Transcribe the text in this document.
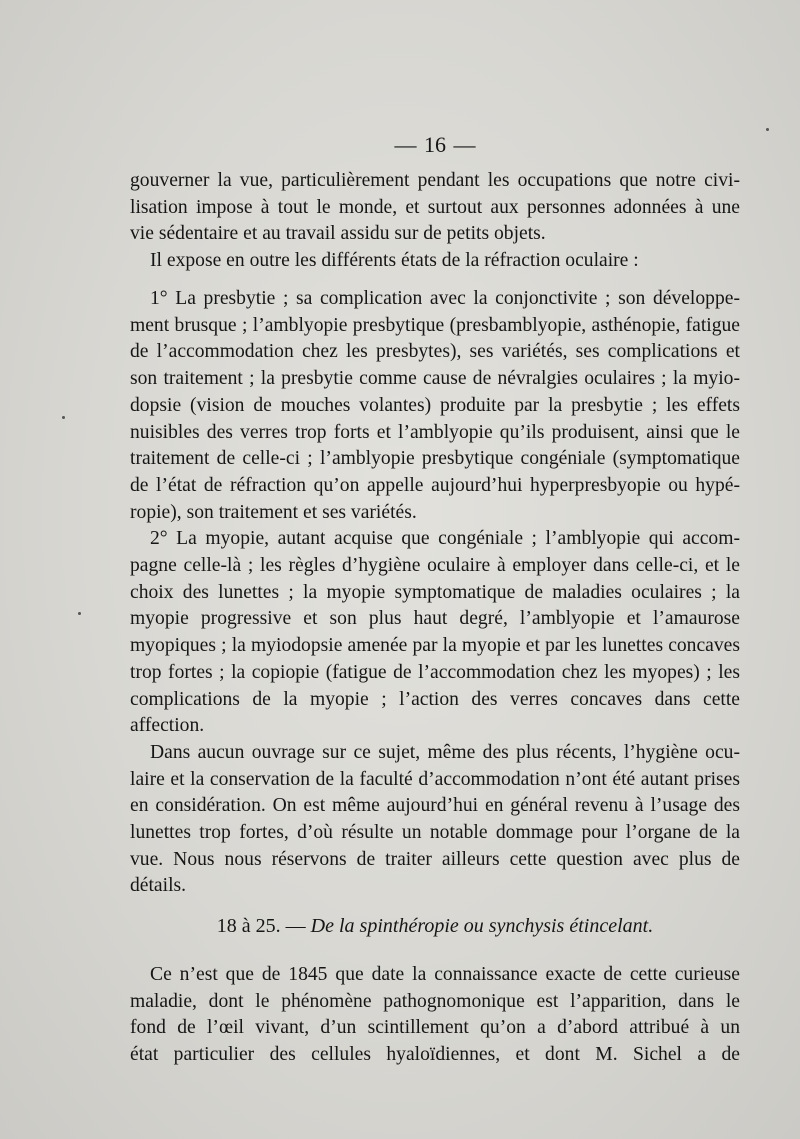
— 16 —

gouverner la vue, particulièrement pendant les occupations que notre civi-

lisation impose à tout le monde, et surtout aux personnes adonnées à une

vie sédentaire et au travail assidu sur de petits objets.

Il expose en outre les différents états de la réfraction oculaire :

1° La presbytie ; sa complication avec la conjonctivite ; son développe-

ment brusque ; l’amblyopie presbytique (presbamblyopie, asthénopie, fatigue

de l’accommodation chez les presbytes), ses variétés, ses complications et

son traitement ; la presbytie comme cause de névralgies oculaires ; la myio-

dopsie (vision de mouches volantes) produite par la presbytie ; les effets

nuisibles des verres trop forts et l’amblyopie qu’ils produisent, ainsi que le

traitement de celle-ci ; l’amblyopie presbytique congéniale (symptomatique

de l’état de réfraction qu’on appelle aujourd’hui hyperpresbyopie ou hypé-

ropie), son traitement et ses variétés.

2° La myopie, autant acquise que congéniale ; l’amblyopie qui accom-

pagne celle-là ; les règles d’hygiène oculaire à employer dans celle-ci, et le

choix des lunettes ; la myopie symptomatique de maladies oculaires ; la

myopie progressive et son plus haut degré, l’amblyopie et l’amaurose

myopiques ; la myiodopsie amenée par la myopie et par les lunettes concaves

trop fortes ; la copiopie (fatigue de l’accommodation chez les myopes) ; les

complications de la myopie ; l’action des verres concaves dans cette affection.

Dans aucun ouvrage sur ce sujet, même des plus récents, l’hygiène ocu-

laire et la conservation de la faculté d’accommodation n’ont été autant prises

en considération. On est même aujourd’hui en général revenu à l’usage des

lunettes trop fortes, d’où résulte un notable dommage pour l’organe de la

vue. Nous nous réservons de traiter ailleurs cette question avec plus de

détails.

18 à 25. — De la spinthéropie ou synchysis étincelant.

Ce n’est que de 1845 que date la connaissance exacte de cette curieuse

maladie, dont le phénomène pathognomonique est l’apparition, dans le

fond de l’œil vivant, d’un scintillement qu’on a d’abord attribué à un

état particulier des cellules hyaloïdiennes, et dont M. Sichel a de
